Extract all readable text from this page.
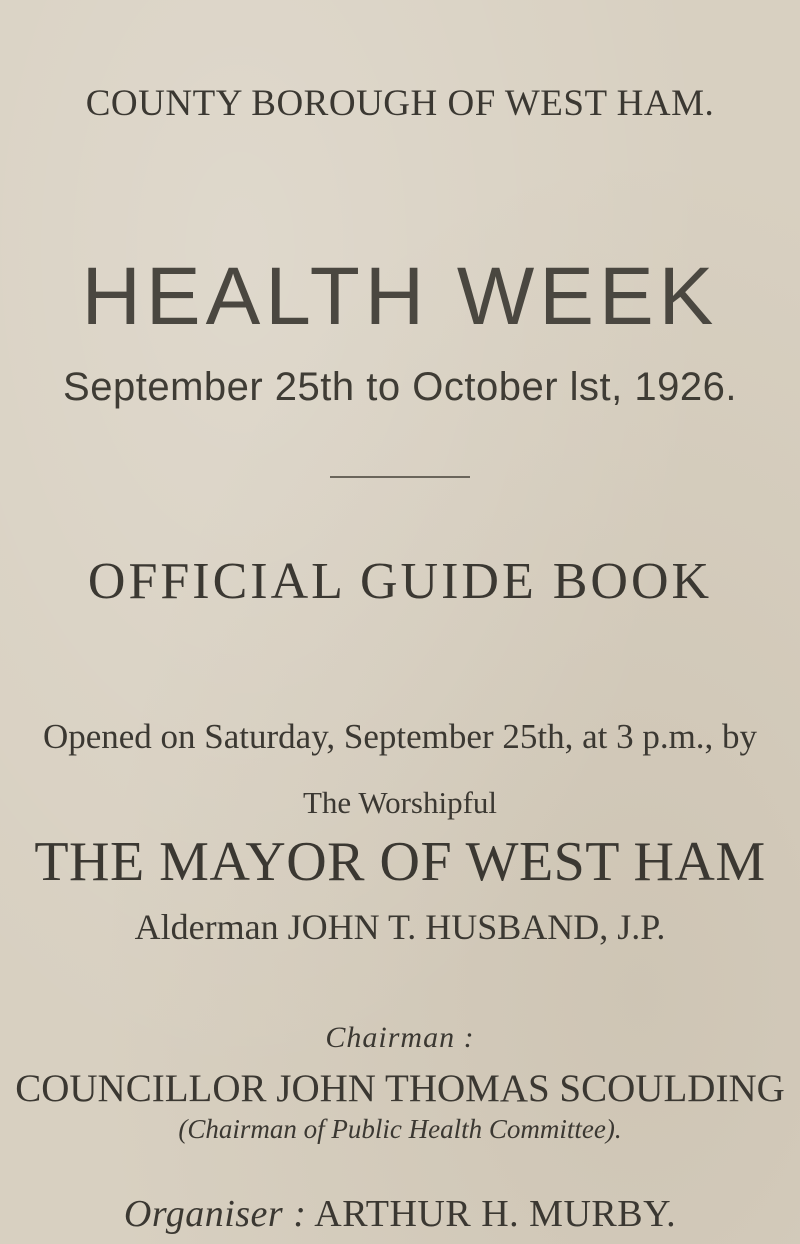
COUNTY BOROUGH OF WEST HAM.
HEALTH WEEK
September 25th to October lst, 1926.
OFFICIAL GUIDE BOOK
Opened on Saturday, September 25th, at 3 p.m., by
The Worshipful
THE MAYOR OF WEST HAM
Alderman JOHN T. HUSBAND, J.P.
Chairman :
COUNCILLOR JOHN THOMAS SCOULDING
(Chairman of Public Health Committee).
Organiser : ARTHUR H. MURBY.
